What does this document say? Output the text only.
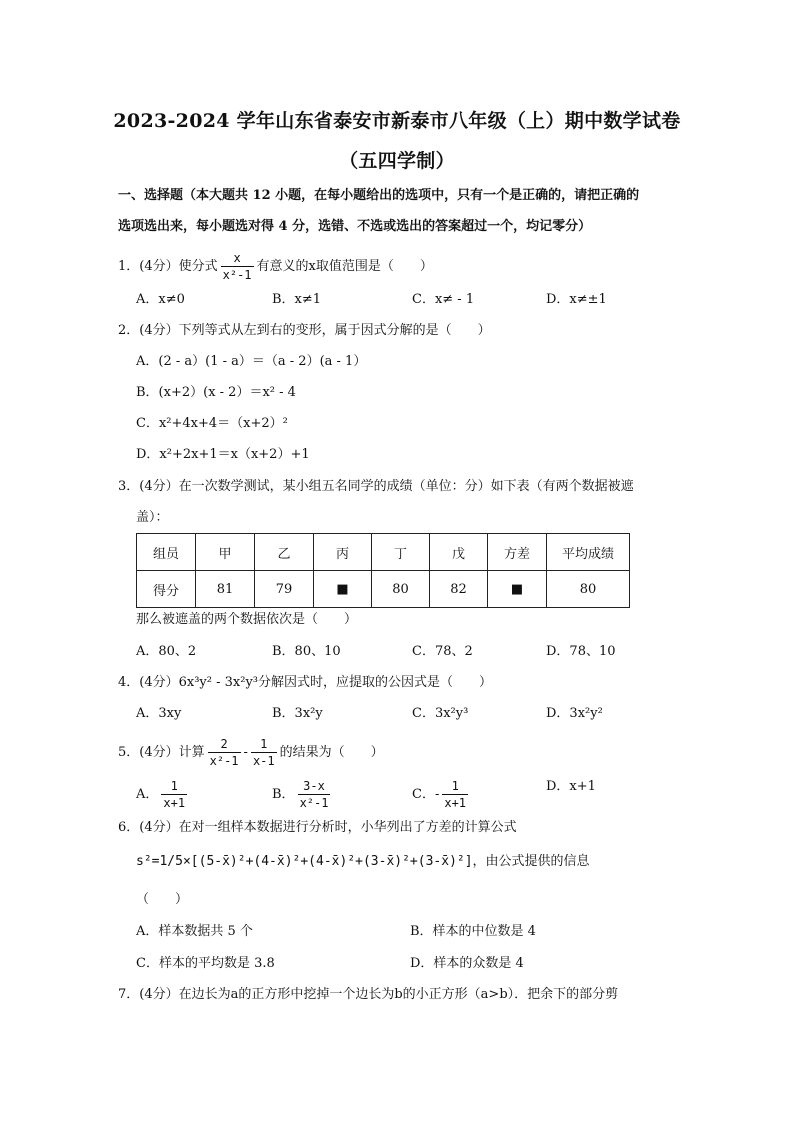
2023-2024 学年山东省泰安市新泰市八年级（上）期中数学试卷
（五四学制）
一、选择题（本大题共 12 小题，在每小题给出的选项中，只有一个是正确的，请把正确的
选项选出来，每小题选对得 4 分，选错、不选或选出的答案超过一个，均记零分）
1．(4分）使分式 $\frac{x}{\text{x²-1}}$ 有意义的x取值范围是（　　）
A．x≠0	B．x≠1	C．x≠ - 1	D．x≠±1
2．(4分）下列等式从左到右的变形，属于因式分解的是（　　）
A．(2 - a）(1 - a）＝（a - 2）(a - 1）
B．(x+2）(x - 2）＝x² - 4
C．x²+4x+4＝（x+2）²
D．x²+2x+1＝x（x+2）+1
3．(4分）在一次数学测试，某小组五名同学的成绩（单位：分）如下表（有两个数据被遮
盖）：
组员	甲	乙	丙	丁	戊	方差	平均成绩
得分	81	79	■	80	82	■	80
那么被遮盖的两个数据依次是（　　）
A．80、2	B．80、10	C．78、2	D．78、10
4．(4分）6x³y² - 3x²y³分解因式时，应提取的公因式是（　　）
A．3xy	B．3x²y	C．3x²y³	D．3x²y²
5．(4分）计算 $\frac{2}{\text{x²-1}} - \frac{1}{x-1}$ 的结果为（　　）
A． $\frac{1}{x+1}$	B． $\frac{3-x}{\text{x²-1}}$	C．- $\frac{1}{x+1}$	D．x+1
6．(4分）在对一组样本数据进行分析时，小华列出了方差的计算公式
s²=1/5×[(5-x̄)²+(4-x̄)²+(4-x̄)²+(3-x̄)²+(3-x̄)²]，由公式提供的信息
（　　）
A．样本数据共 5 个	B．样本的中位数是 4
C．样本的平均数是 3.8	D．样本的众数是 4
7．(4分）在边长为a的正方形中挖掉一个边长为b的小正方形（a>b）．把余下的部分剪
